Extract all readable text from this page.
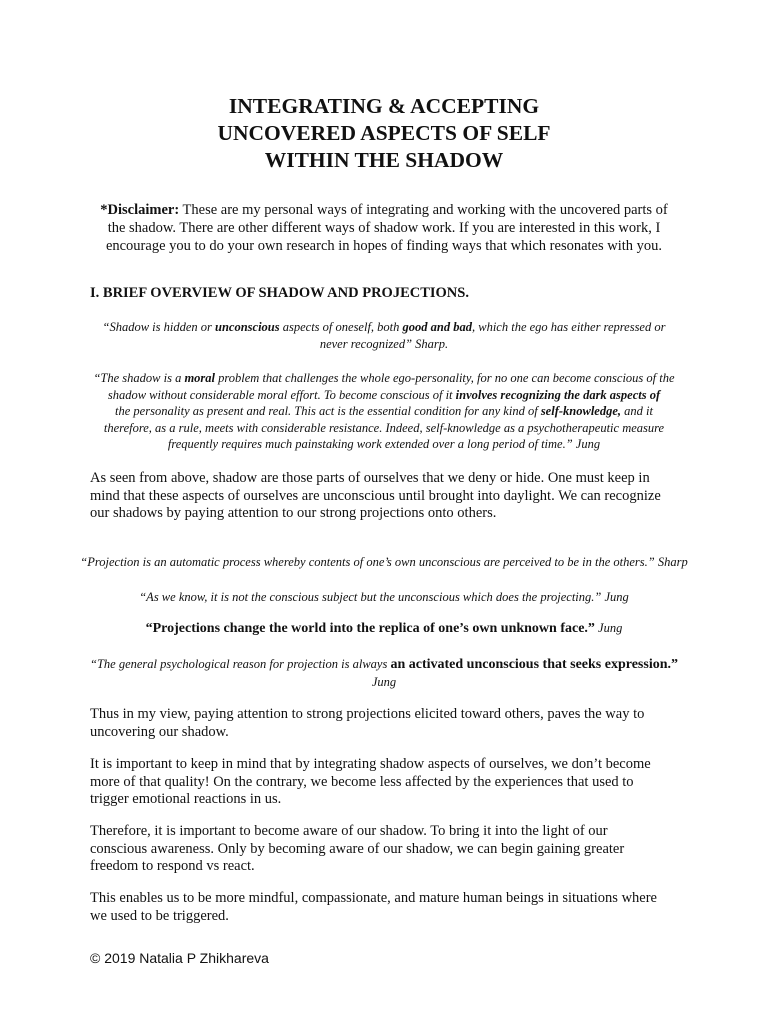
INTEGRATING & ACCEPTING
UNCOVERED ASPECTS OF SELF
WITHIN THE SHADOW
*Disclaimer: These are my personal ways of integrating and working with the uncovered parts of
the shadow. There are other different ways of shadow work. If you are interested in this work, I
encourage you to do your own research in hopes of finding ways that which resonates with you.
I. BRIEF OVERVIEW OF SHADOW AND PROJECTIONS.
“Shadow is hidden or unconscious aspects of oneself, both good and bad, which the ego has either repressed or
never recognized” Sharp.
“The shadow is a moral problem that challenges the whole ego-personality, for no one can become conscious of the
shadow without considerable moral effort. To become conscious of it involves recognizing the dark aspects of
the personality as present and real. This act is the essential condition for any kind of self-knowledge, and it
therefore, as a rule, meets with considerable resistance. Indeed, self-knowledge as a psychotherapeutic measure
frequently requires much painstaking work extended over a long period of time.” Jung
As seen from above, shadow are those parts of ourselves that we deny or hide. One must keep in
mind that these aspects of ourselves are unconscious until brought into daylight. We can recognize
our shadows by paying attention to our strong projections onto others.
“Projection is an automatic process whereby contents of one’s own unconscious are perceived to be in the others.” Sharp
“As we know, it is not the conscious subject but the unconscious which does the projecting.” Jung
“Projections change the world into the replica of one’s own unknown face.” Jung
“The general psychological reason for projection is always an activated unconscious that seeks expression.”
Jung
Thus in my view, paying attention to strong projections elicited toward others, paves the way to
uncovering our shadow.
It is important to keep in mind that by integrating shadow aspects of ourselves, we don’t become
more of that quality! On the contrary, we become less affected by the experiences that used to
trigger emotional reactions in us.
Therefore, it is important to become aware of our shadow. To bring it into the light of our
conscious awareness. Only by becoming aware of our shadow, we can begin gaining greater
freedom to respond vs react.
This enables us to be more mindful, compassionate, and mature human beings in situations where
we used to be triggered.
© 2019 Natalia P Zhikhareva
